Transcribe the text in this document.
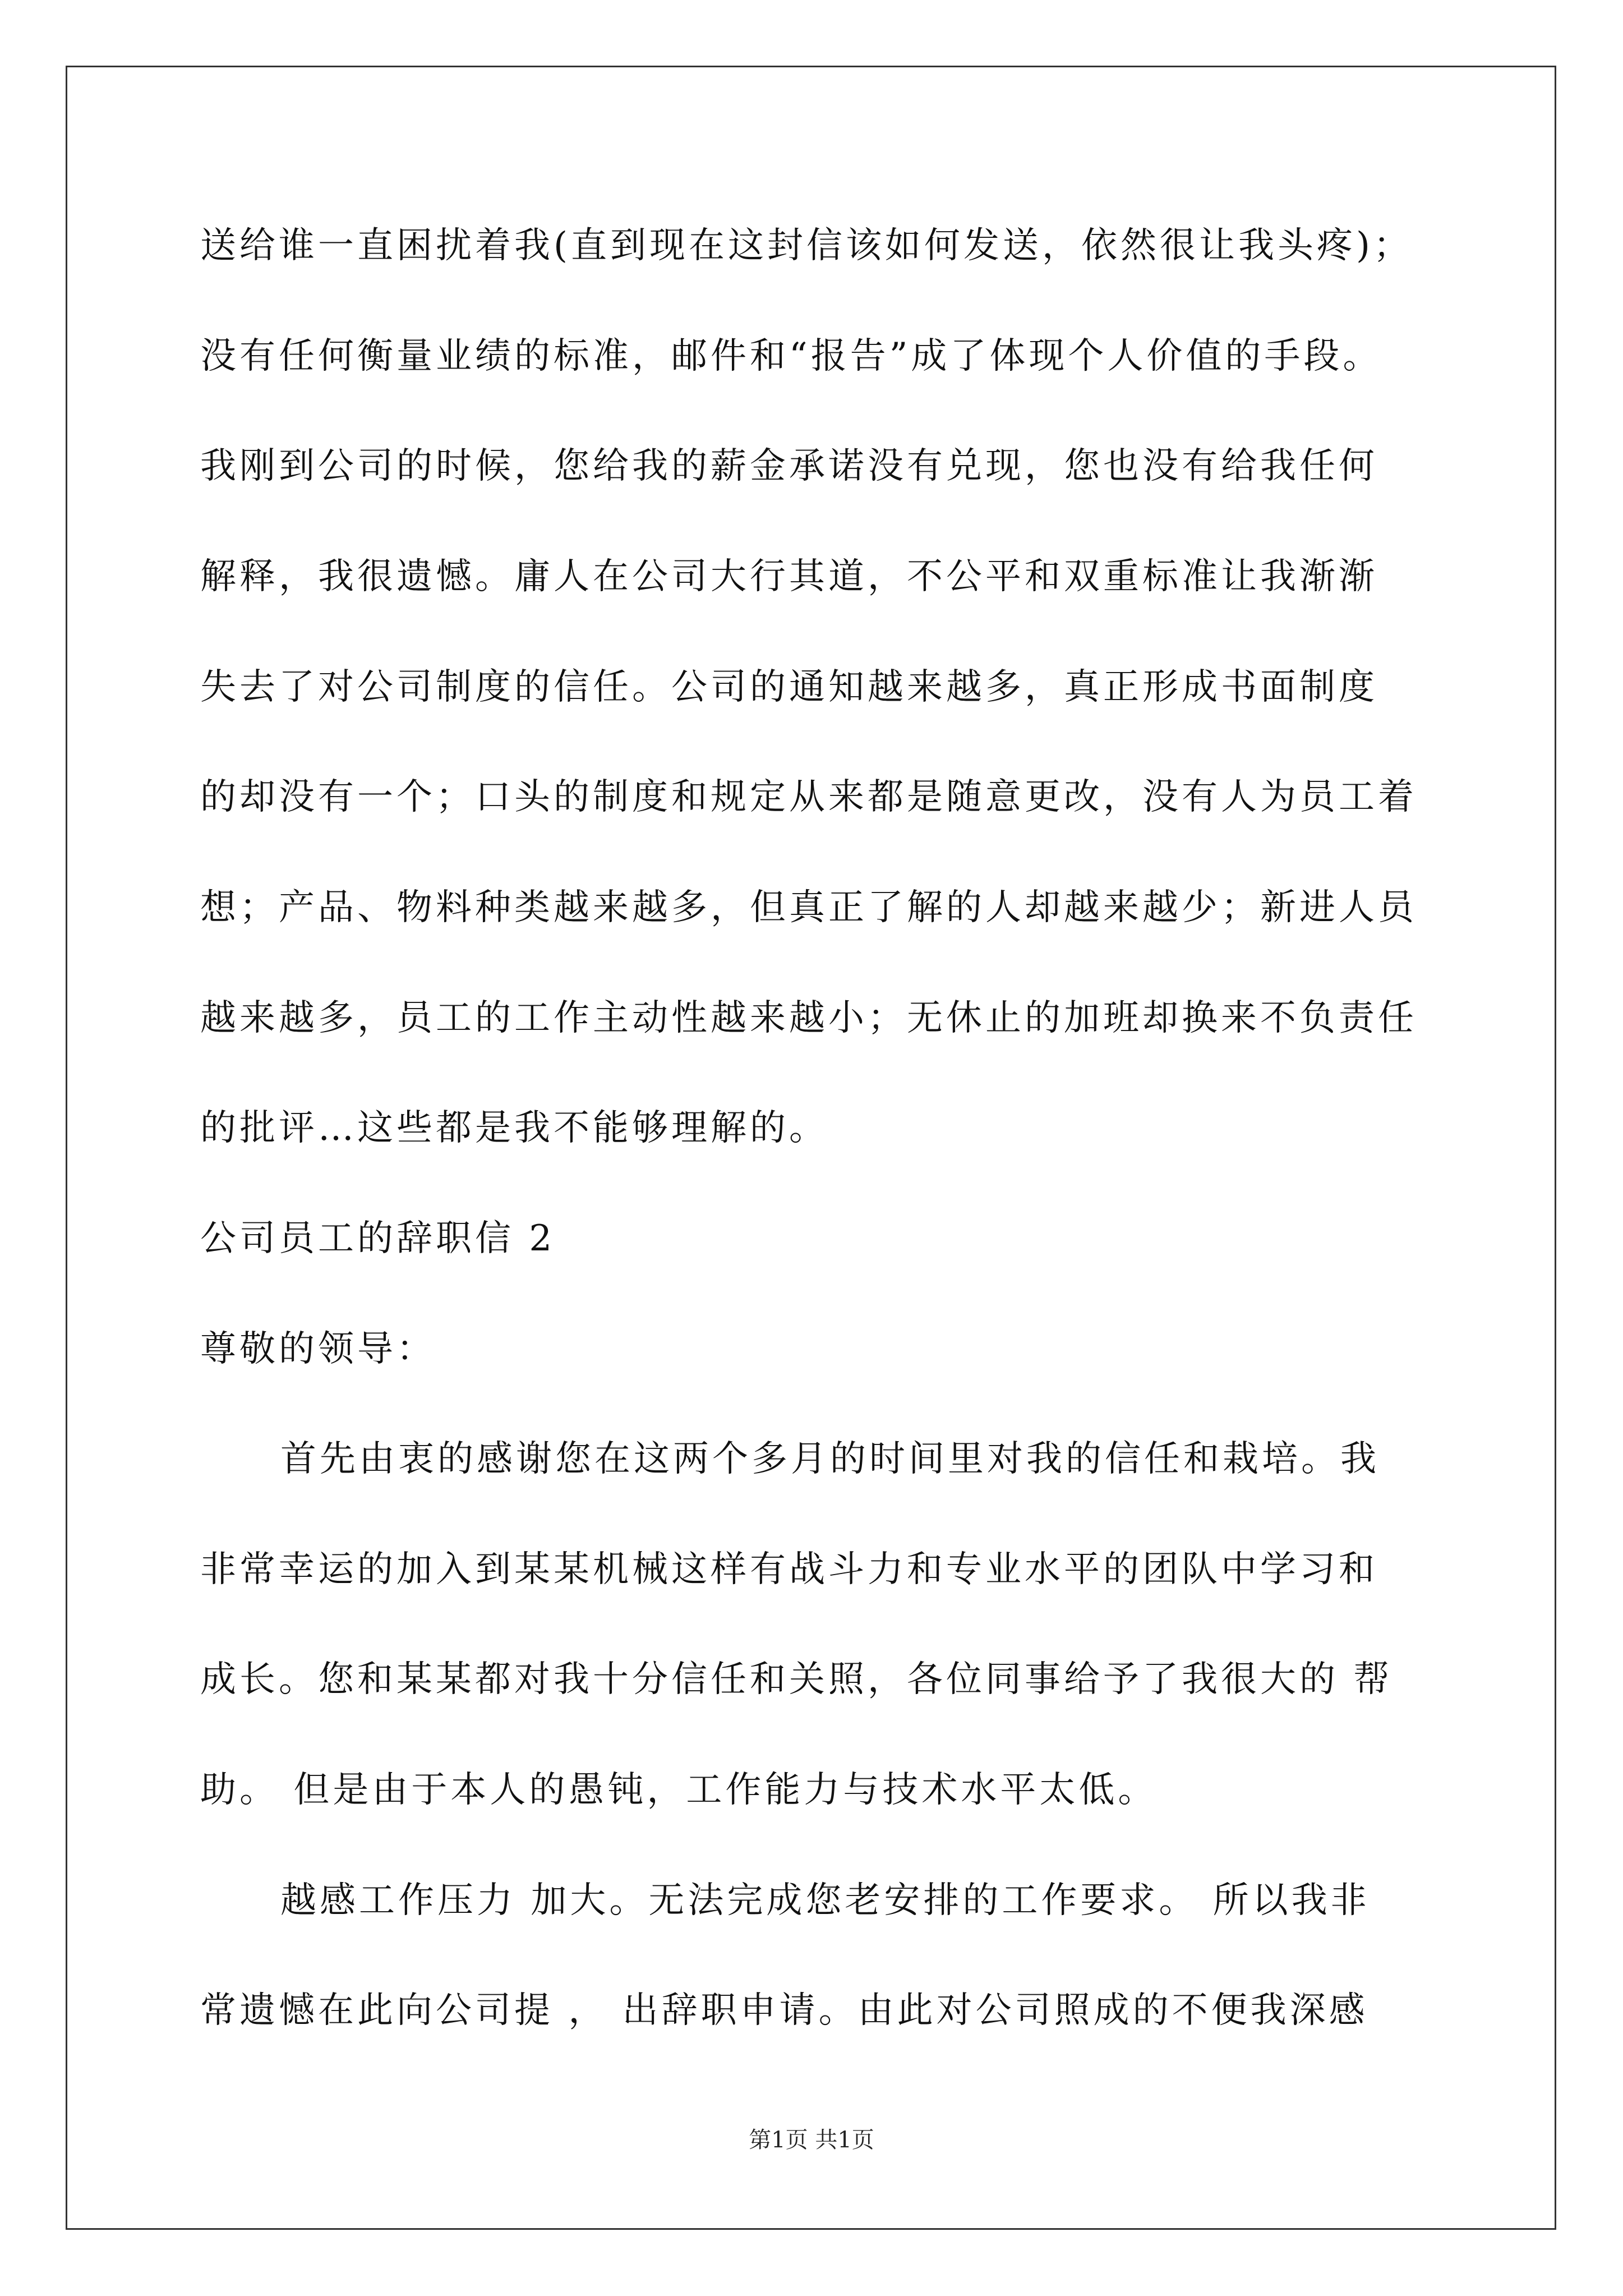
送给谁一直困扰着我(直到现在这封信该如何发送，依然很让我头疼)；

没有任何衡量业绩的标准，邮件和“报告”成了体现个人价值的手段。

我刚到公司的时候，您给我的薪金承诺没有兑现，您也没有给我任何

解释，我很遗憾。庸人在公司大行其道，不公平和双重标准让我渐渐

失去了对公司制度的信任。公司的通知越来越多，真正形成书面制度

的却没有一个；口头的制度和规定从来都是随意更改，没有人为员工着

想；产品、物料种类越来越多，但真正了解的人却越来越少；新进人员

越来越多，员工的工作主动性越来越小；无休止的加班却换来不负责任

的批评…这些都是我不能够理解的。

公司员工的辞职信 2

尊敬的领导：

首先由衷的感谢您在这两个多月的时间里对我的信任和栽培。我

非常幸运的加入到某某机械这样有战斗力和专业水平的团队中学习和

成长。您和某某都对我十分信任和关照，各位同事给予了我很大的 帮

助。 但是由于本人的愚钝，工作能力与技术水平太低。

越感工作压力 加大。无法完成您老安排的工作要求。 所以我非

常遗憾在此向公司提 ， 出辞职申请。由此对公司照成的不便我深感

第1页 共1页
